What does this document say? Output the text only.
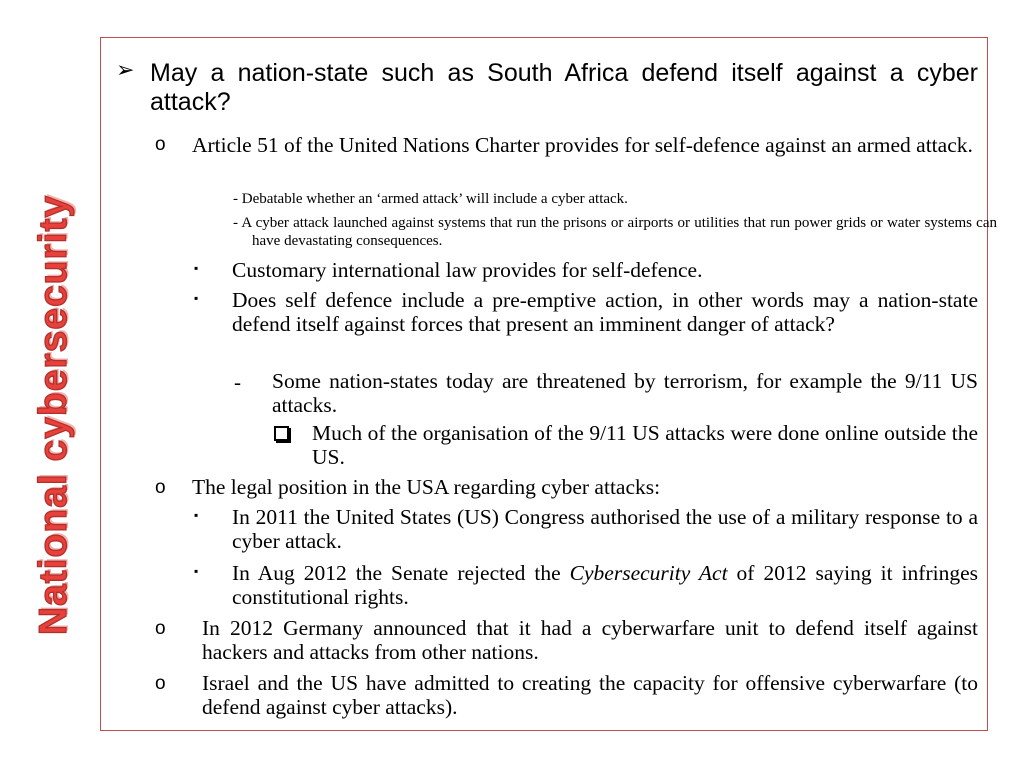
National cybersecurity
➢ May a nation-state such as South Africa defend itself against a cyber attack?
o Article 51 of the United Nations Charter provides for self-defence against an armed attack.
- Debatable whether an ‘armed attack’ will include a cyber attack.
- A cyber attack launched against systems that run the prisons or airports or utilities that run power grids or water systems can have devastating consequences.
▪ Customary international law provides for self-defence.
▪ Does self defence include a pre-emptive action, in other words may a nation-state defend itself against forces that present an imminent danger of attack?
- Some nation-states today are threatened by terrorism, for example the 9/11 US attacks.
Much of the organisation of the 9/11 US attacks were done online outside the US.
o The legal position in the USA regarding cyber attacks:
▪ In 2011 the United States (US) Congress authorised the use of a military response to a cyber attack.
▪ In Aug 2012 the Senate rejected the Cybersecurity Act of 2012 saying it infringes constitutional rights.
o In 2012 Germany announced that it had a cyberwarfare unit to defend itself against hackers and attacks from other nations.
o Israel and the US have admitted to creating the capacity for offensive cyberwarfare (to defend against cyber attacks).
